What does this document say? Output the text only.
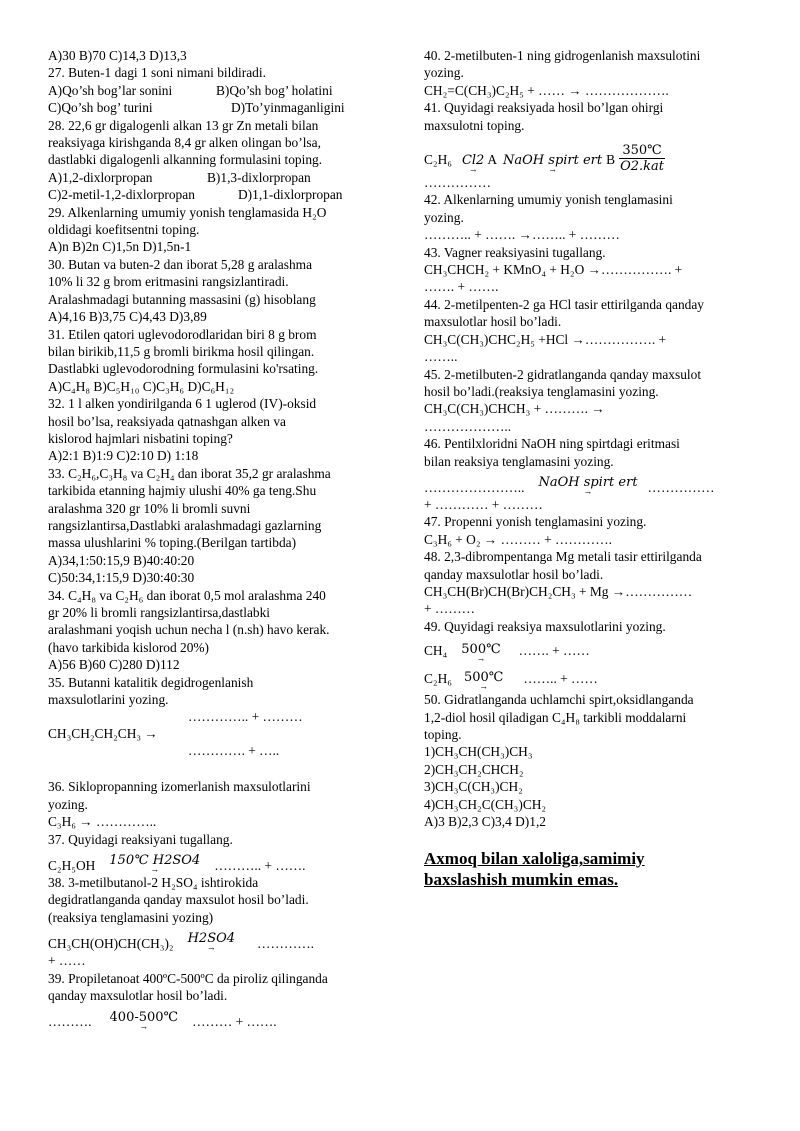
A)30 B)70 C)14,3 D)13,3
27. Buten-1 dagi 1 soni nimani bildiradi.
A)Qo’sh bog’lar sonini	B)Qo’sh bog’ holatini
C)Qo’sh bog’ turini	D)To’yinmaganligini
28. 22,6 gr digalogenli alkan 13 gr Zn metali bilan
reaksiyaga kirishganda 8,4 gr alken olingan bo’lsa,
dastlabki digalogenli alkanning formulasini toping.
A)1,2-dixlorpropan	B)1,3-dixlorpropan
C)2-metil-1,2-dixlorpropan	D)1,1-dixlorpropan
29. Alkenlarning umumiy yonish tenglamasida H₂O
oldidagi koefitsentni toping.
A)n B)2n C)1,5n D)1,5n-1
30. Butan va buten-2 dan iborat 5,28 g aralashma
10% li 32 g brom eritmasini rangsizlantiradi.
Aralashmadagi butanning massasini (g) hisoblang
A)4,16 B)3,75 C)4,43 D)3,89
31. Etilen qatori uglevodorodlaridan biri 8 g brom
bilan birikib,11,5 g bromli birikma hosil qilingan.
Dastlabki uglevodorodning formulasini ko'rsating.
A)C₄H₈ B)C₅H₁₀ C)C₃H₆ D)C₆H₁₂
32. 1 l alken yondirilganda 6 1 uglerod (IV)-oksid
hosil bo’lsa, reaksiyada qatnashgan alken va
kislorod hajmlari nisbatini toping?
A)2:1 B)1:9 C)2:10 D) 1:18
33. C₂H₆,C₃H₈ va C₂H₄ dan iborat 35,2 gr aralashma
tarkibida etanning hajmiy ulushi 40% ga teng.Shu
aralashma 320 gr 10% li bromli suvni
rangsizlantirsa,Dastlabki aralashmadagi gazlarning
massa ulushlarini % toping.(Berilgan tartibda)
A)34,1:50:15,9 B)40:40:20
C)50:34,1:15,9 D)30:40:30
34. C₄H₈ va C₂H₆ dan iborat 0,5 mol aralashma 240
gr 20% li bromli rangsizlantirsa,dastlabki
aralashmani yoqish uchun necha l (n.sh) havo kerak.
(havo tarkibida kislorod 20%)
A)56 B)60 C)280 D)112
35. Butanni katalitik degidrogenlanish
maxsulotlarini yozing.
………….. + ………
CH₃CH₂CH₂CH₃ →
…………. + …..
36. Siklopropanning izomerlanish maxsulotlarini
yozing.
C₃H₆ → …………..
37. Quyidagi reaksiyani tugallang.
C₂H₅OH 150℃ H2SO4
→	……….. + …….
38. 3-metilbutanol-2 H₂SO₄ ishtirokida
degidratlanganda qanday maxsulot hosil bo’ladi.
(reaksiya tenglamasini yozing)
CH₃CH(OH)CH(CH₃)₂ H2SO4
→	………….
+ ……
39. Propiletanoat 400ºC-500ºC da piroliz qilinganda
qanday maxsulotlar hosil bo’ladi.
………. 400-500℃
→	……… + …….
40. 2-metilbuten-1 ning gidrogenlanish maxsulotini
yozing.
CH₂=C(CH₃)C₂H₅ + …… → ……………….
41. Quyidagi reaksiyada hosil bo’lgan ohirgi
maxsulotni toping.
C₂H₆ Cl2
→
A NaOH spirt ert
→
B $\frac{350℃}{\text{O2.kat}}$
……………
42. Alkenlarning umumiy yonish tenglamasini
yozing.
……….. + ……. →…….. + ………
43. Vagner reaksiyasini tugallang.
CH₃CHCH₂ + KMnO₄ + H₂O →……………. +
……. + …….
44. 2-metilpenten-2 ga HCl tasir ettirilganda qanday
maxsulotlar hosil bo’ladi.
CH₃C(CH₃)CHC₂H₅ +HCl →……………. +
……..
45. 2-metilbuten-2 gidratlanganda qanday maxsulot
hosil bo’ladi.(reaksiya tenglamasini yozing.
CH₃C(CH₃)CHCH₃ + ………. →
………………..
46. Pentilxloridni NaOH ning spirtdagi eritmasi
bilan reaksiya tenglamasini yozing.
………………….. NaOH spirt ert
→	……………
+ ………… + ………
47. Propenni yonish tenglamasini yozing.
C₃H₆ + O₂ → ……… + ………….
48. 2,3-dibrompentanga Mg metali tasir ettirilganda
qanday maxsulotlar hosil bo’ladi.
CH₃CH(Br)CH(Br)CH₂CH₃ + Mg →……………
+ ………
49. Quyidagi reaksiya maxsulotlarini yozing.
CH₄ 500℃
→
……. + ……
C₂H₆ 500℃
→
…….. + ……
50. Gidratlanganda uchlamchi spirt,oksidlanganda
1,2-diol hosil qiladigan C₄H₈ tarkibli moddalarni
toping.
1)CH₃CH(CH₃)CH₃
2)CH₃CH₂CHCH₂
3)CH₃C(CH₃)CH₂
4)CH₃CH₂C(CH₃)CH₂
A)3 B)2,3 C)3,4 D)1,2
Axmoq bilan xaloliga,samimiy
baxslashish mumkin emas.
